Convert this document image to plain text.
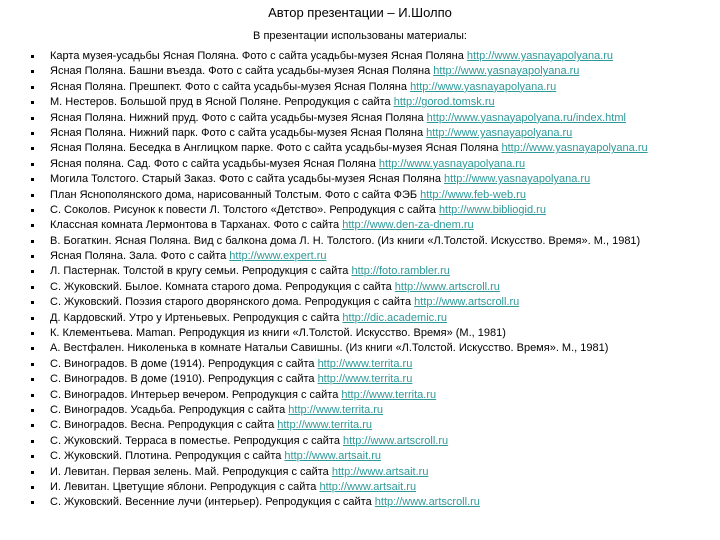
Автор презентации – И.Шолпо
В презентации использованы материалы:
Карта музея-усадьбы Ясная Поляна. Фото с сайта усадьбы-музея Ясная Поляна http://www.yasnayapolyana.ru
Ясная Поляна. Башни въезда. Фото с сайта усадьбы-музея Ясная Поляна http://www.yasnayapolyana.ru
Ясная Поляна. Прешпект. Фото с сайта усадьбы-музея Ясная Поляна http://www.yasnayapolyana.ru
М. Нестеров. Большой пруд в Ясной Поляне. Репродукция с сайта http://gorod.tomsk.ru
Ясная Поляна. Нижний пруд. Фото с сайта усадьбы-музея Ясная Поляна http://www.yasnayapolyana.ru/index.html
Ясная Поляна. Нижний парк. Фото с сайта усадьбы-музея Ясная Поляна http://www.yasnayapolyana.ru
Ясная Поляна. Беседка в Англицком парке. Фото с сайта усадьбы-музея Ясная Поляна http://www.yasnayapolyana.ru
Ясная поляна. Сад. Фото с сайта усадьбы-музея Ясная Поляна http://www.yasnayapolyana.ru
Могила Толстого. Старый Заказ. Фото с сайта усадьбы-музея Ясная Поляна http://www.yasnayapolyana.ru
План Яснополянского дома, нарисованный Толстым. Фото с сайта ФЭБ http://www.feb-web.ru
С. Соколов. Рисунок к повести Л. Толстого «Детство». Репродукция с сайта http://www.bibliogid.ru
Классная комната Лермонтова в Тарханах. Фото с сайта http://www.den-za-dnem.ru
В. Богаткин. Ясная Поляна. Вид с балкона дома Л. Н. Толстого. (Из книги «Л.Толстой. Искусство. Время». М., 1981)
Ясная Поляна. Зала. Фото с сайта http://www.expert.ru
Л. Пастернак. Толстой в кругу семьи. Репродукция с сайта http://foto.rambler.ru
С. Жуковский. Былое. Комната старого дома. Репродукция с сайта http://www.artscroll.ru
С. Жуковский. Поэзия старого дворянского дома. Репродукция с сайта http://www.artscroll.ru
Д. Кардовский. Утро у Иртеньевых. Репродукция с сайта http://dic.academic.ru
К. Клементьева. Maman. Репродукция из книги «Л.Толстой. Искусство. Время» (М., 1981)
А. Вестфален. Николенька в комнате Натальи Савишны. (Из книги «Л.Толстой. Искусство. Время». М., 1981)
С. Виноградов. В доме (1914). Репродукция с сайта http://www.territa.ru
С. Виноградов. В доме (1910). Репродукция с сайта http://www.territa.ru
С. Виноградов. Интерьер вечером. Репродукция с сайта http://www.territa.ru
С. Виноградов. Усадьба. Репродукция с сайта http://www.territa.ru
С. Виноградов. Весна. Репродукция с сайта http://www.territa.ru
С. Жуковский. Терраса в поместье. Репродукция с сайта http://www.artscroll.ru
С. Жуковский. Плотина. Репродукция с сайта http://www.artsait.ru
И. Левитан. Первая зелень. Май. Репродукция с сайта http://www.artsait.ru
И. Левитан. Цветущие яблони. Репродукция с сайта http://www.artsait.ru
С. Жуковский. Весенние лучи (интерьер). Репродукция с сайта http://www.artscroll.ru
